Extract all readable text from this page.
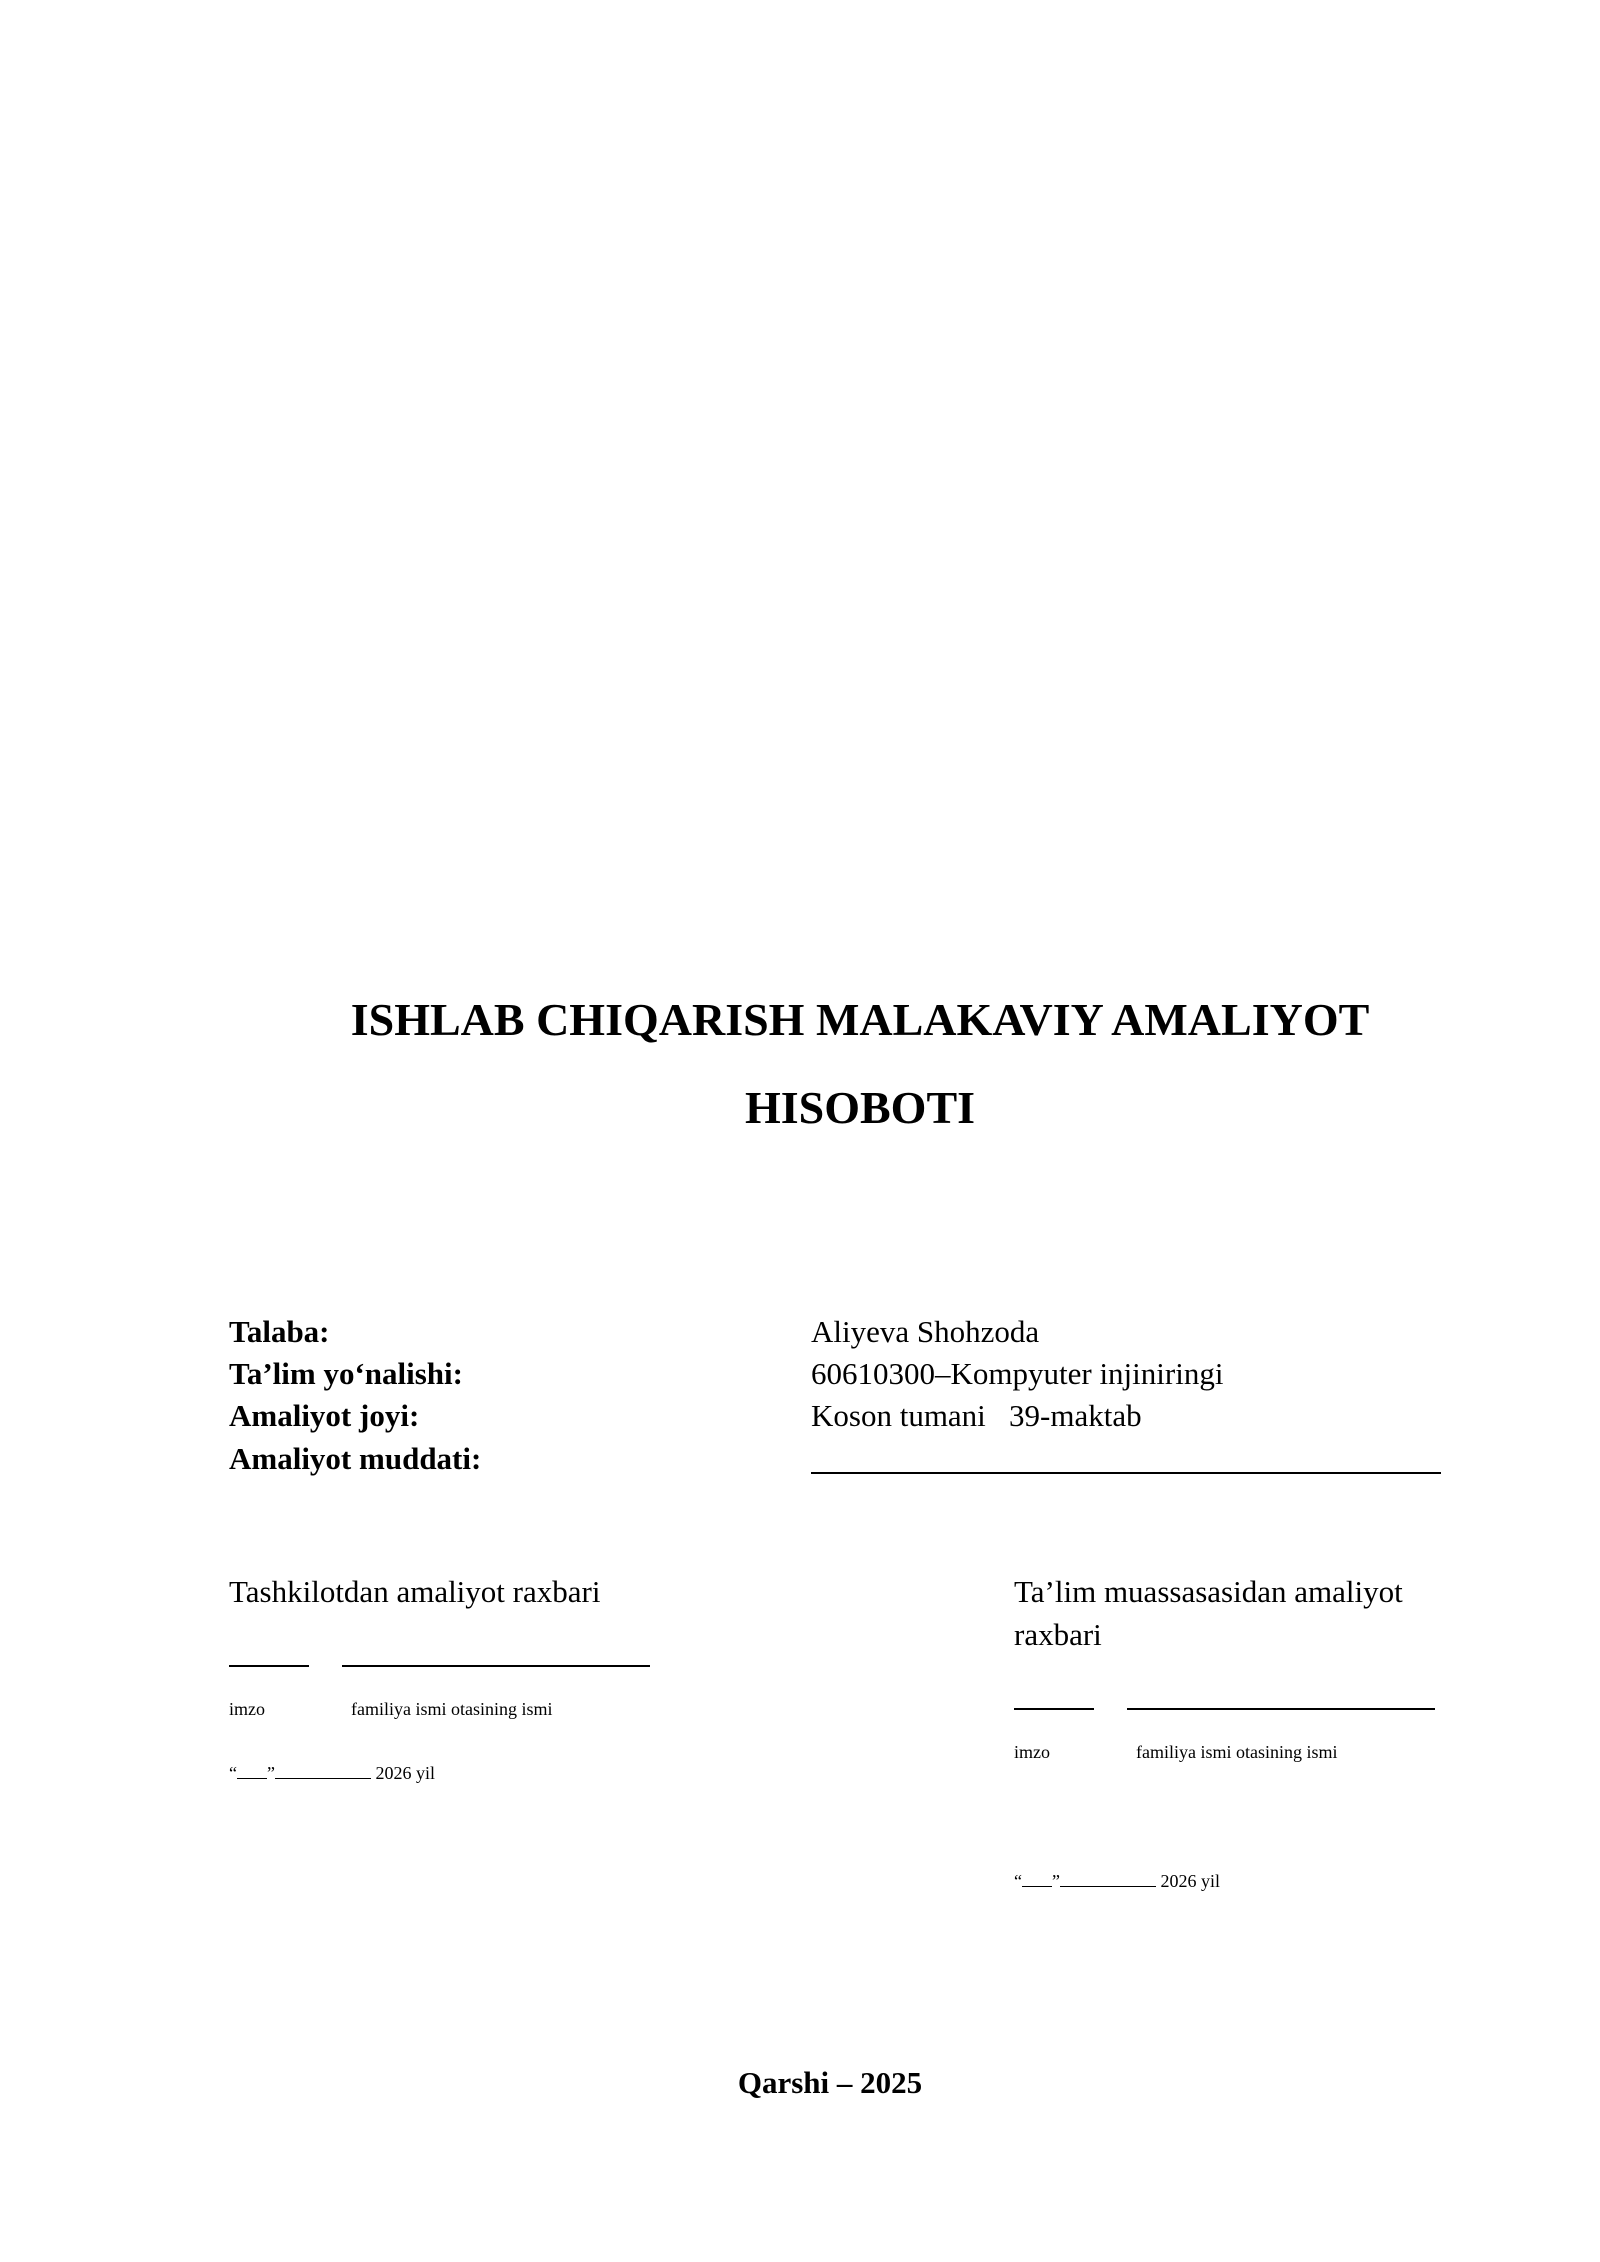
ISHLAB CHIQARISH MALAKAVIY AMALIYOT
HISOBOTI
Talaba:	Aliyeva Shohzoda
Ta’lim yo‘nalishi:	60610300–Kompyuter injiniringi
Amaliyot joyi:	Koson tumani   39-maktab
Amaliyot muddati:
Tashkilotdan amaliyot raxbari
imzo	familiya ismi otasining ismi
“ ”	2026 yil
Ta’lim muassasasidan amaliyot
raxbari
imzo	familiya ismi otasining ismi
“ ”	2026 yil
Qarshi – 2025
